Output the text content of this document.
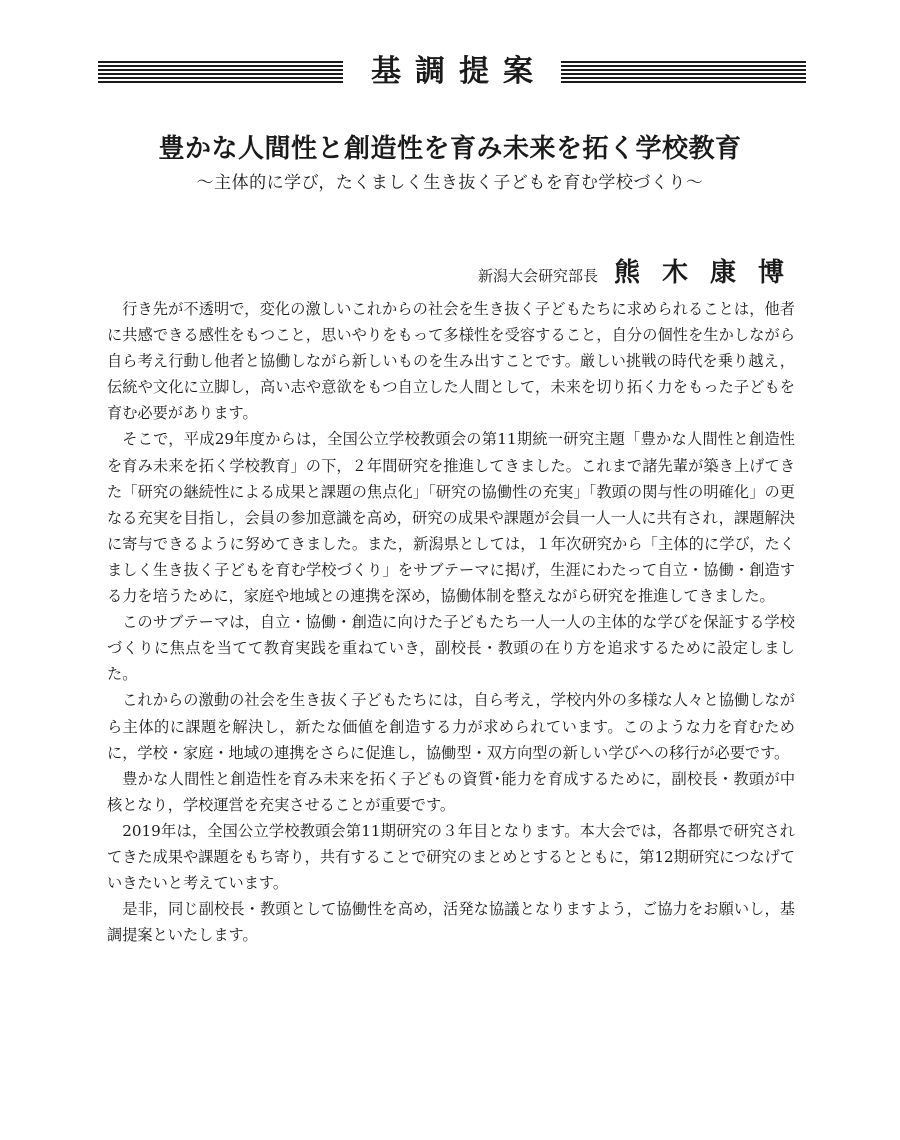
基調提案
豊かな人間性と創造性を育み未来を拓く学校教育
〜主体的に学び，たくましく生き抜く子どもを育む学校づくり〜
新潟大会研究部長 熊木康博

行き先が不透明で，変化の激しいこれからの社会を生き抜く子どもたちに求められることは，他者に共感できる感性をもつこと，思いやりをもって多様性を受容すること，自分の個性を生かしながら自ら考え行動し他者と協働しながら新しいものを生み出すことです。厳しい挑戦の時代を乗り越え，伝統や文化に立脚し，高い志や意欲をもつ自立した人間として，未来を切り拓く力をもった子どもを育む必要があります。

そこで，平成29年度からは，全国公立学校教頭会の第11期統一研究主題「豊かな人間性と創造性を育み未来を拓く学校教育」の下，２年間研究を推進してきました。これまで諸先輩が築き上げてきた「研究の継続性による成果と課題の焦点化」「研究の協働性の充実」「教頭の関与性の明確化」の更なる充実を目指し，会員の参加意識を高め，研究の成果や課題が会員一人一人に共有され，課題解決に寄与できるように努めてきました。また，新潟県としては，１年次研究から「主体的に学び，たくましく生き抜く子どもを育む学校づくり」をサブテーマに掲げ，生涯にわたって自立・協働・創造する力を培うために，家庭や地域との連携を深め，協働体制を整えながら研究を推進してきました。

このサブテーマは，自立・協働・創造に向けた子どもたち一人一人の主体的な学びを保証する学校づくりに焦点を当てて教育実践を重ねていき，副校長・教頭の在り方を追求するために設定しました。

これからの激動の社会を生き抜く子どもたちには，自ら考え，学校内外の多様な人々と協働しながら主体的に課題を解決し，新たな価値を創造する力が求められています。このような力を育むために，学校・家庭・地域の連携をさらに促進し，協働型・双方向型の新しい学びへの移行が必要です。

豊かな人間性と創造性を育み未来を拓く子どもの資質･能力を育成するために，副校長・教頭が中核となり，学校運営を充実させることが重要です。

2019年は，全国公立学校教頭会第11期研究の３年目となります。本大会では，各都県で研究されてきた成果や課題をもち寄り，共有することで研究のまとめとするとともに，第12期研究につなげていきたいと考えています。

是非，同じ副校長・教頭として協働性を高め，活発な協議となりますよう，ご協力をお願いし，基調提案といたします。
